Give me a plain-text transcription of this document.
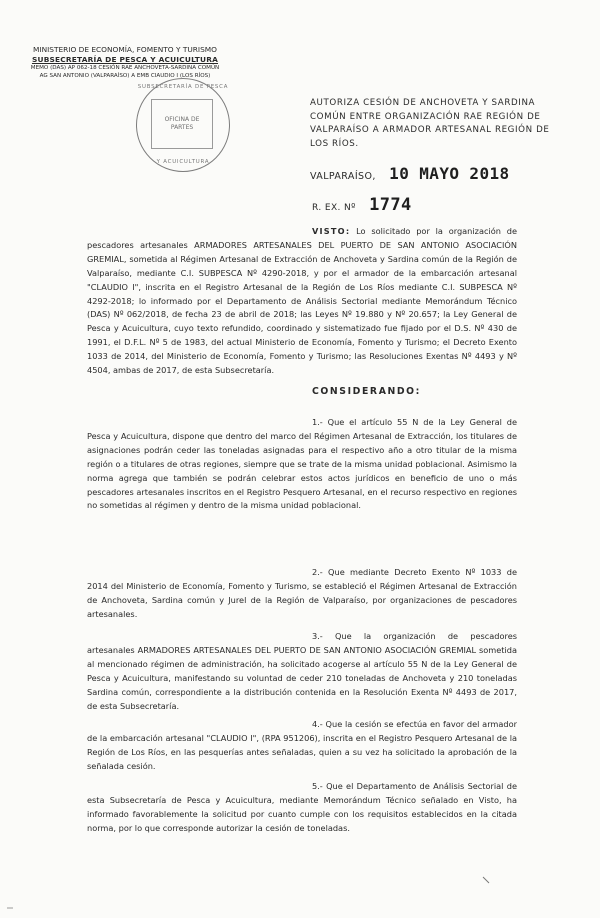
MINISTERIO DE ECONOMÍA, FOMENTO Y TURISMO
SUBSECRETARÍA DE PESCA Y ACUICULTURA
MEMO (DAS) AP 062-18 CESIÓN RAE ANCHOVETA-SARDINA COMÚN
AG SAN ANTONIO (VALPARAÍSO) A EMB CIAUDIO I (LOS RÍOS)
SUBSECRETARÍA DE PESCA
OFICINA DE
PARTES
Y ACUICULTURA
AUTORIZA CESIÓN DE ANCHOVETA Y SARDINA COMÚN ENTRE ORGANIZACIÓN RAE REGIÓN DE VALPARAÍSO A ARMADOR ARTESANAL REGIÓN DE LOS RÍOS.
VALPARAÍSO, 10 MAYO 2018
R. EX. Nº 1774
VISTO: Lo solicitado por la organización de pescadores artesanales ARMADORES ARTESANALES DEL PUERTO DE SAN ANTONIO ASOCIACIÓN GREMIAL, sometida al Régimen Artesanal de Extracción de Anchoveta y Sardina común de la Región de Valparaíso, mediante C.I. SUBPESCA Nº 4290-2018, y por el armador de la embarcación artesanal "CLAUDIO I", inscrita en el Registro Artesanal de la Región de Los Ríos mediante C.I. SUBPESCA Nº 4292-2018; lo informado por el Departamento de Análisis Sectorial mediante Memorándum Técnico (DAS) Nº 062/2018, de fecha 23 de abril de 2018; las Leyes Nº 19.880 y Nº 20.657; la Ley General de Pesca y Acuicultura, cuyo texto refundido, coordinado y sistematizado fue fijado por el D.S. Nº 430 de 1991, el D.F.L. Nº 5 de 1983, del actual Ministerio de Economía, Fomento y Turismo; el Decreto Exento 1033 de 2014, del Ministerio de Economía, Fomento y Turismo; las Resoluciones Exentas Nº 4493 y Nº 4504, ambas de 2017, de esta Subsecretaría.
CONSIDERANDO:
1.- Que el artículo 55 N de la Ley General de Pesca y Acuicultura, dispone que dentro del marco del Régimen Artesanal de Extracción, los titulares de asignaciones podrán ceder las toneladas asignadas para el respectivo año a otro titular de la misma región o a titulares de otras regiones, siempre que se trate de la misma unidad poblacional. Asimismo la norma agrega que también se podrán celebrar estos actos jurídicos en beneficio de uno o más pescadores artesanales inscritos en el Registro Pesquero Artesanal, en el recurso respectivo en regiones no sometidas al régimen y dentro de la misma unidad poblacional.
2.- Que mediante Decreto Exento Nº 1033 de 2014 del Ministerio de Economía, Fomento y Turismo, se estableció el Régimen Artesanal de Extracción de Anchoveta, Sardina común y Jurel de la Región de Valparaíso, por organizaciones de pescadores artesanales.
3.- Que la organización de pescadores artesanales ARMADORES ARTESANALES DEL PUERTO DE SAN ANTONIO ASOCIACIÓN GREMIAL sometida al mencionado régimen de administración, ha solicitado acogerse al artículo 55 N de la Ley General de Pesca y Acuicultura, manifestando su voluntad de ceder 210 toneladas de Anchoveta y 210 toneladas Sardina común, correspondiente a la distribución contenida en la Resolución Exenta Nº 4493 de 2017, de esta Subsecretaría.
4.- Que la cesión se efectúa en favor del armador de la embarcación artesanal "CLAUDIO I", (RPA 951206), inscrita en el Registro Pesquero Artesanal de la Región de Los Ríos, en las pesquerías antes señaladas, quien a su vez ha solicitado la aprobación de la señalada cesión.
5.- Que el Departamento de Análisis Sectorial de esta Subsecretaría de Pesca y Acuicultura, mediante Memorándum Técnico señalado en Visto, ha informado favorablemente la solicitud por cuanto cumple con los requisitos establecidos en la citada norma, por lo que corresponde autorizar la cesión de toneladas.
